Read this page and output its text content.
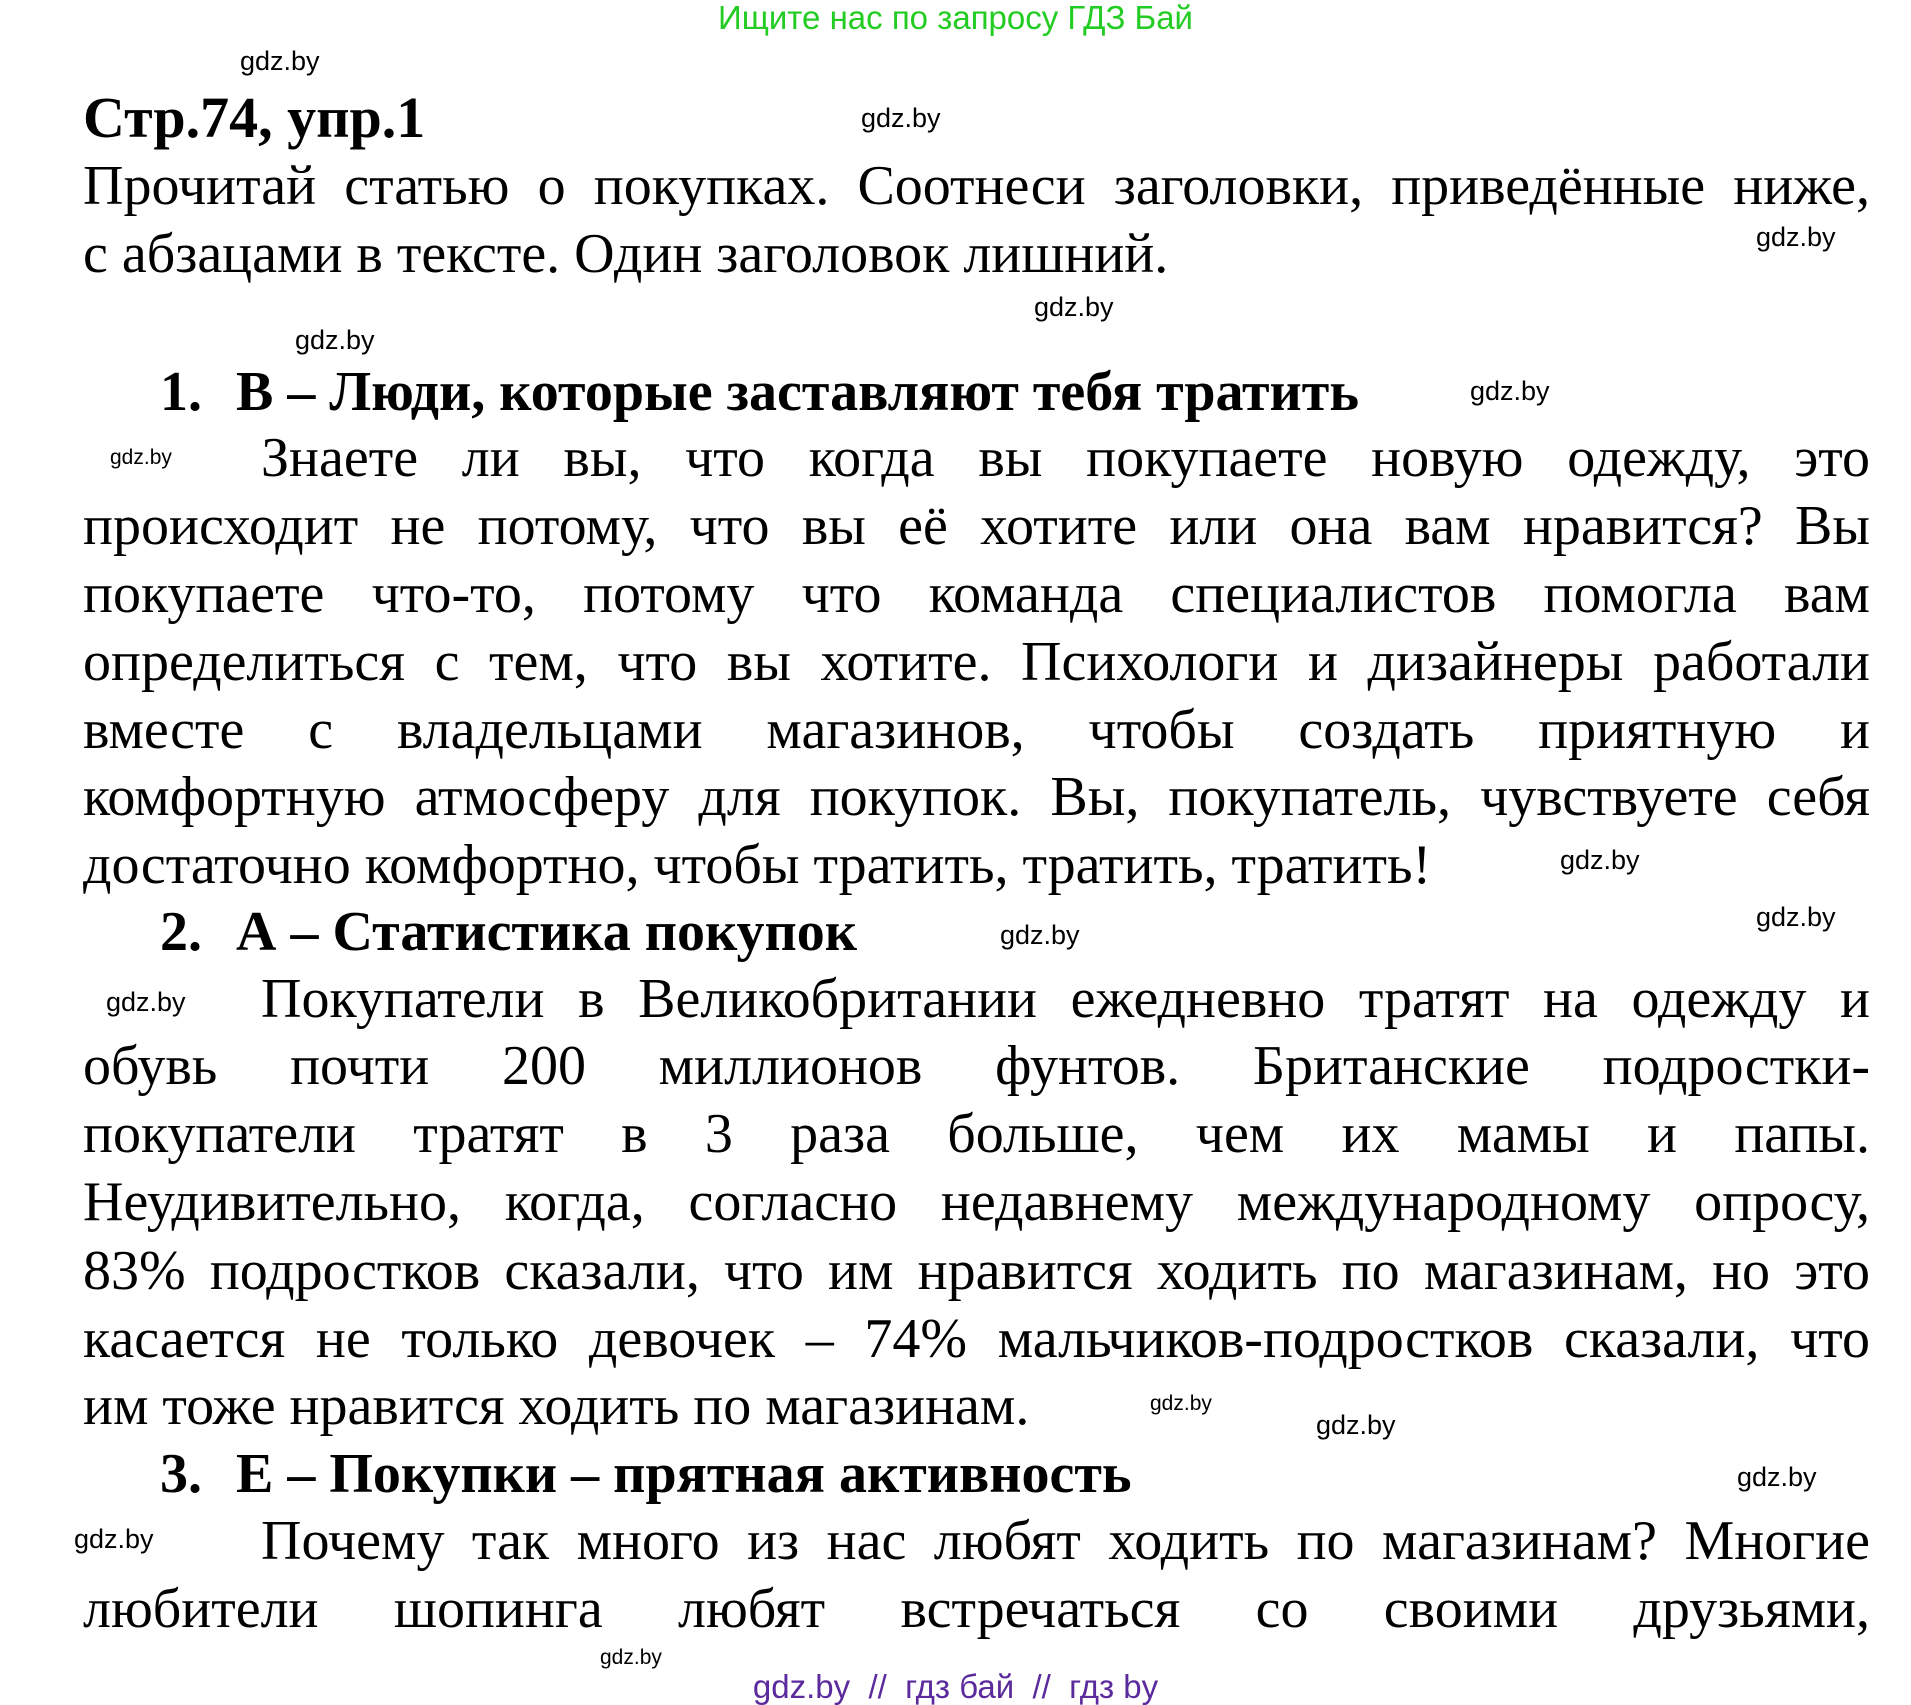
Ищите нас по запросу ГДЗ Бай
Стр.74, упр.1
Прочитай статью о покупках. Соотнеси заголовки, приведённые ниже,
с абзацами в тексте. Один заголовок лишний.
1. В – Люди, которые заставляют тебя тратить
Знаете ли вы, что когда вы покупаете новую одежду, это
происходит не потому, что вы её хотите или она вам нравится? Вы
покупаете что-то, потому что команда специалистов помогла вам
определиться с тем, что вы хотите. Психологи и дизайнеры работали
вместе с владельцами магазинов, чтобы создать приятную и
комфортную атмосферу для покупок. Вы, покупатель, чувствуете себя
достаточно комфортно, чтобы тратить, тратить, тратить!
2. А – Статистика покупок
Покупатели в Великобритании ежедневно тратят на одежду и
обувь почти 200 миллионов фунтов. Британские подростки-
покупатели тратят в 3 раза больше, чем их мамы и папы.
Неудивительно, когда, согласно недавнему международному опросу,
83% подростков сказали, что им нравится ходить по магазинам, но это
касается не только девочек – 74% мальчиков-подростков сказали, что
им тоже нравится ходить по магазинам.
3. Е – Покупки – прятная активность
Почему так много из нас любят ходить по магазинам? Многие
любители шопинга любят встречаться со своими друзьями,
gdz.by
gdz.by
gdz.by
gdz.by
gdz.by
gdz.by
gdz.by
gdz.by
gdz.by
gdz.by
gdz.by
gdz.by
gdz.by
gdz.by
gdz.by
gdz.by
gdz.by  //  гдз бай  //  гдз by
